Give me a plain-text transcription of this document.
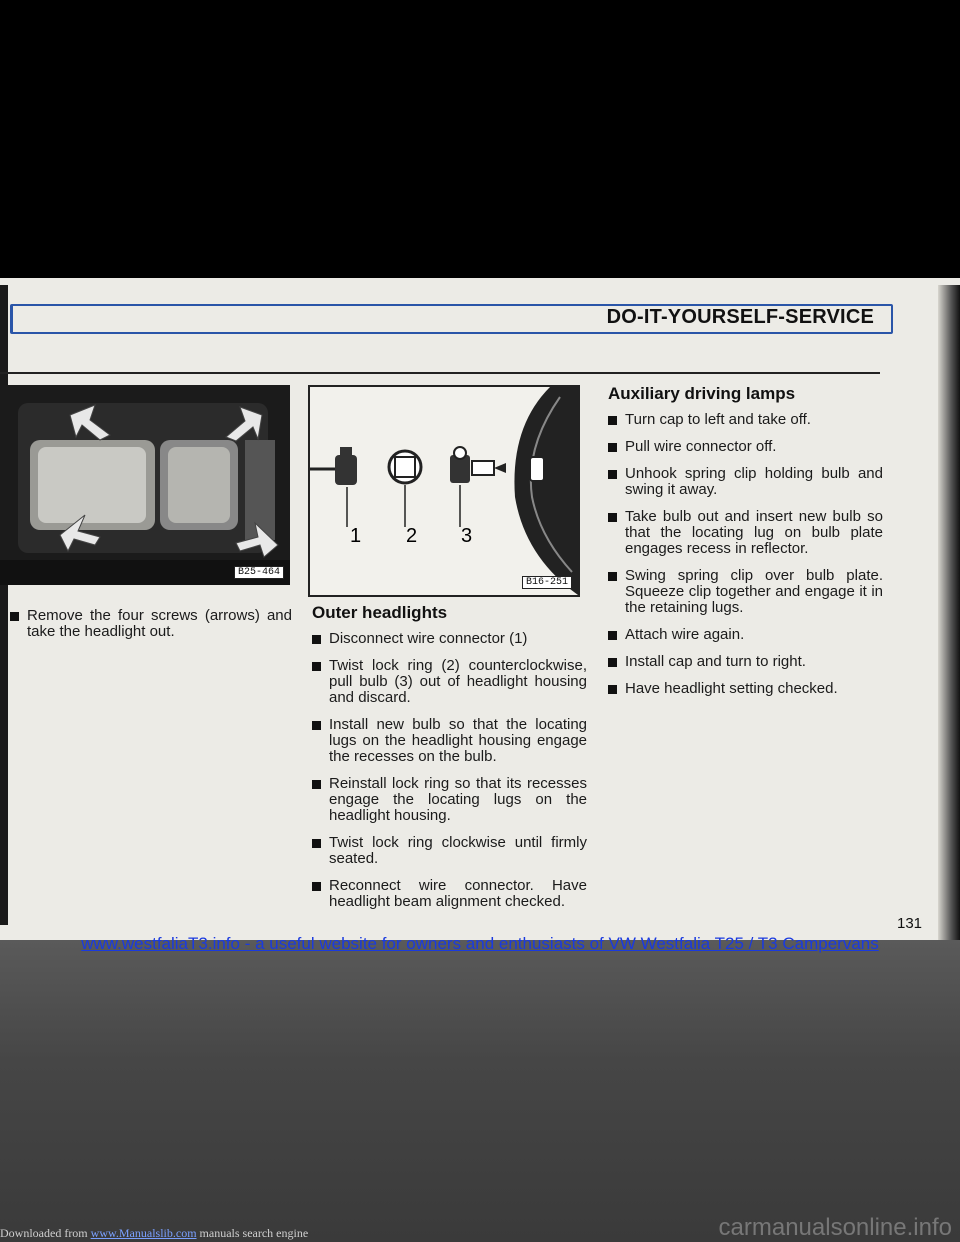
DO-IT-YOURSELF-SERVICE
B25-464
1 2 3
B16-251

Remove the four screws (arrows) and take the headlight out.

Outer headlights

Disconnect wire connector (1)

Twist lock ring (2) counterclockwise, pull bulb (3) out of headlight housing and discard.

Install new bulb so that the locating lugs on the headlight housing engage the recesses on the bulb.

Reinstall lock ring so that its recesses engage the locating lugs on the headlight housing.

Twist lock ring clockwise until firmly seated.

Reconnect wire connector. Have headlight beam alignment checked.

Auxiliary driving lamps

Turn cap to left and take off.

Pull wire connector off.

Unhook spring clip holding bulb and swing it away.

Take bulb out and insert new bulb so that the locating lug on bulb plate engages recess in reflector.

Swing spring clip over bulb plate. Squeeze clip together and engage it in the retaining lugs.

Attach wire again.

Install cap and turn to right.

Have headlight setting checked.

131
www.westfaliaT3.info - a useful website for owners and enthusiasts of VW Westfalia T25 / T3 Campervans
Downloaded from www.Manualslib.com manuals search engine	carmanualsonline.info
